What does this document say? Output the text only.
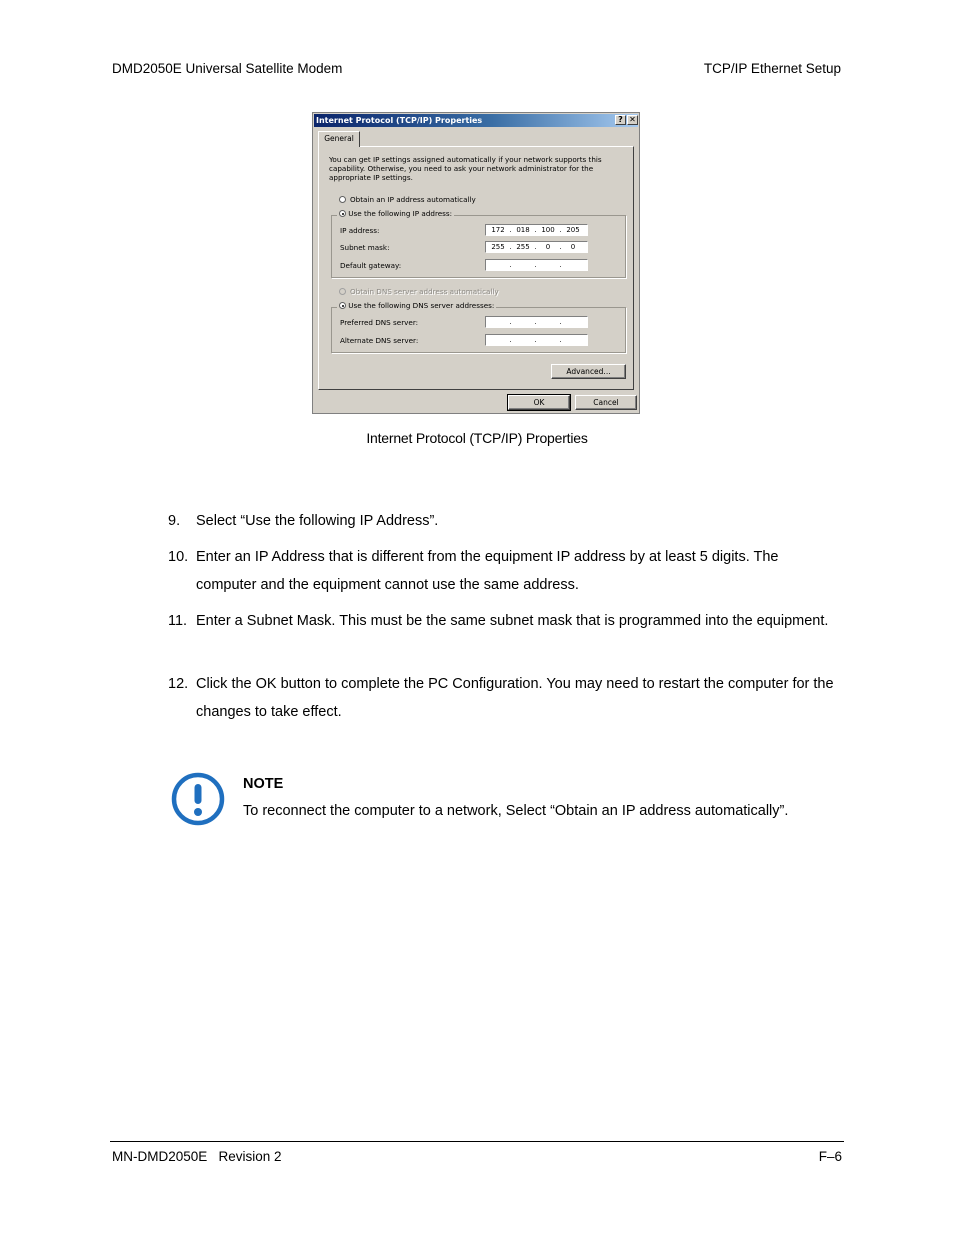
DMD2050E Universal Satellite Modem	TCP/IP Ethernet Setup
Internet Protocol (TCP/IP) Properties	? ✕
General
You can get IP settings assigned automatically if your network supports this capability. Otherwise, you need to ask your network administrator for the appropriate IP settings.
Obtain an IP address automatically
Use the following IP address:
IP address:	172 . 018 . 100 . 205
Subnet mask:	255 . 255 .	0	.	0
Default gateway:	.	.	.
Obtain DNS server address automatically
Use the following DNS server addresses:
Preferred DNS server:	.	.	.
Alternate DNS server:	.	.	.
Advanced...
OK	Cancel
Internet Protocol (TCP/IP) Properties
9. Select “Use the following IP Address”.
10. Enter an IP Address that is different from the equipment IP address by at least 5 digits. The computer and the equipment cannot use the same address.
11. Enter a Subnet Mask. This must be the same subnet mask that is programmed into the equipment.
12. Click the OK button to complete the PC Configuration. You may need to restart the computer for the changes to take effect.
NOTE
To reconnect the computer to a network, Select “Obtain an IP address automatically”.
MN-DMD2050E   Revision 2	F–6
